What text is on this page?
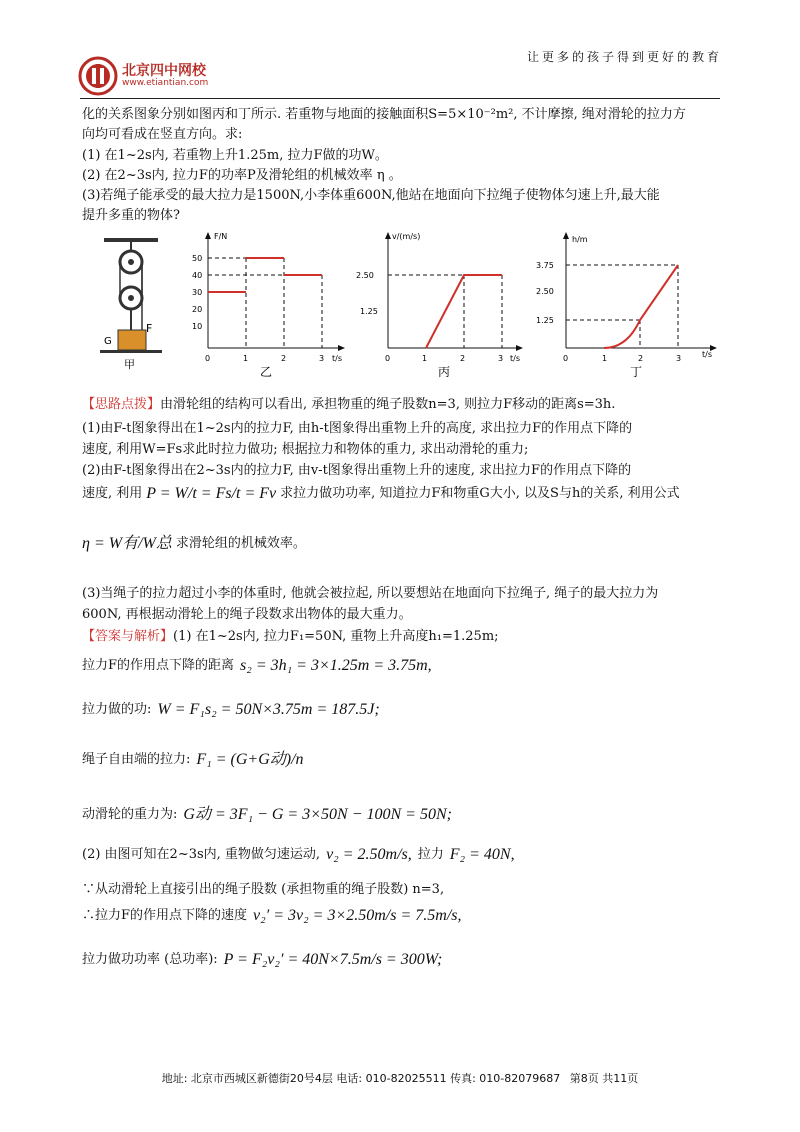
北京四中网校
www.etiantian.com
让更多的孩子得到更好的教育
化的关系图象分别如图丙和丁所示. 若重物与地面的接触面积S=5×10⁻²m², 不计摩擦, 绳对滑轮的拉力方
向均可看成在竖直方向。求:
(1) 在1~2s内, 若重物上升1.25m, 拉力F做的功W。
(2) 在2~3s内, 拉力F的功率P及滑轮组的机械效率 η 。
(3)若绳子能承受的最大拉力是1500N,小李体重600N,他站在地面向下拉绳子使物体匀速上升,最大能
提升多重的物体?
F
G
甲
F/N
t/s
50
40
30
20
10
0	1	2	3
乙
v/(m/s)
t/s
2.50
1.25
0	1	2	3
丙
h/m
t/s
3.75
2.50
1.25
0	1	2	3
丁
【思路点拨】由滑轮组的结构可以看出, 承担物重的绳子股数n=3, 则拉力F移动的距离s=3h.
(1)由F-t图象得出在1~2s内的拉力F, 由h-t图象得出重物上升的高度, 求出拉力F的作用点下降的
速度, 利用W=Fs求此时拉力做功; 根据拉力和物体的重力, 求出动滑轮的重力;
(2)由F-t图象得出在2~3s内的拉力F, 由v-t图象得出重物上升的速度, 求出拉力F的作用点下降的
速度, 利用 P = W/t = Fs/t = Fv 求拉力做功功率, 知道拉力F和物重G大小, 以及S与h的关系, 利用公式
η = W有/W总 求滑轮组的机械效率。
(3)当绳子的拉力超过小李的体重时, 他就会被拉起, 所以要想站在地面向下拉绳子, 绳子的最大拉力为
600N, 再根据动滑轮上的绳子段数求出物体的最大重力。
【答案与解析】(1) 在1~2s内, 拉力F₁=50N, 重物上升高度h₁=1.25m;
拉力F的作用点下降的距离 s₂ = 3h₁ = 3×1.25m = 3.75m,
拉力做的功: W = F₁s₂ = 50N×3.75m = 187.5J;
绳子自由端的拉力: F₁ = (G+G动)/n
动滑轮的重力为: G动 = 3F₁ − G = 3×50N − 100N = 50N;
(2) 由图可知在2~3s内, 重物做匀速运动, v₂ = 2.50m/s, 拉力 F₂ = 40N,
∵从动滑轮上直接引出的绳子股数 (承担物重的绳子股数) n=3,
∴拉力F的作用点下降的速度 v₂′ = 3v₂ = 3×2.50m/s = 7.5m/s,
拉力做功功率 (总功率): P = F₂v₂′ = 40N×7.5m/s = 300W;
地址: 北京市西城区新德街20号4层 电话: 010-82025511 传真: 010-82079687 第8页 共11页
